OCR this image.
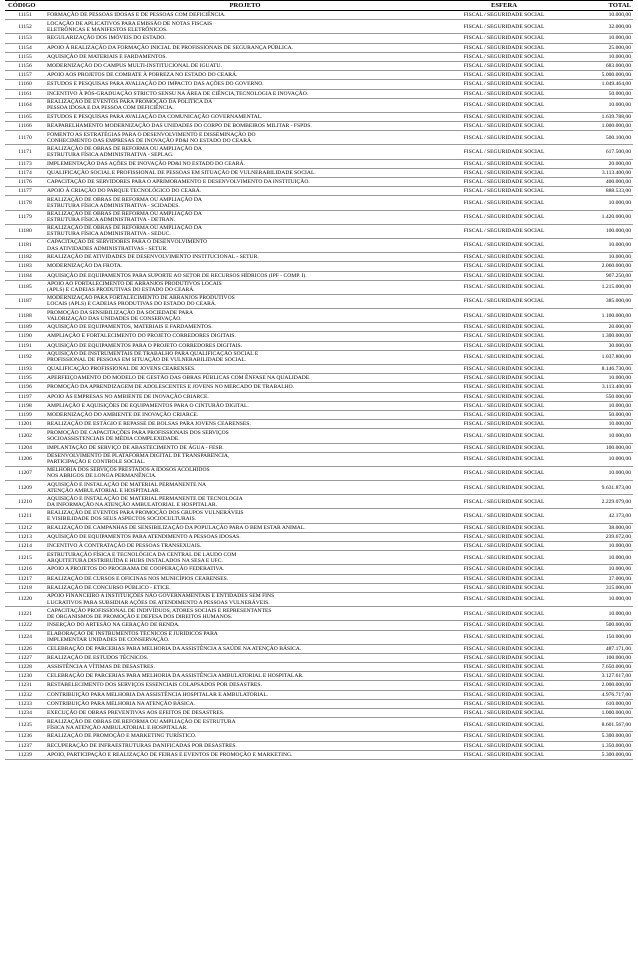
CÓDIGO	PROJETO	ESFERA	TOTAL
11151	FORMAÇÃO DE PESSOAS IDOSAS E DE PESSOAS COM DEFICIÊNCIA.	FISCAL / SEGURIDADE SOCIAL	10.000,00
11152	LOCAÇÃO DE APLICATIVOS PARA EMISSÃO DE NOTAS FISCAIS
ELETRÔNICAS E MANIFESTOS ELETRÔNICOS.	FISCAL / SEGURIDADE SOCIAL	32.000,00
11153	REGULARIZAÇÃO DOS IMÓVEIS DO ESTADO.	FISCAL / SEGURIDADE SOCIAL	10.000,00
11154	APOIO À REALIZAÇÃO DA FORMAÇÃO INICIAL DE PROFISSIONAIS DE SEGURANÇA PÚBLICA.	FISCAL / SEGURIDADE SOCIAL	25.000,00
11155	AQUISIÇÃO DE MATERIAIS E FARDAMENTOS.	FISCAL / SEGURIDADE SOCIAL	10.000,00
11156	MODERNIZAÇÃO DO CAMPUS MULTI-INSTITUCIONAL DE IGUATU.	FISCAL / SEGURIDADE SOCIAL	683.000,00
11157	APOIO AOS PROJETOS DE COMBATE À POBREZA NO ESTADO DO CEARÁ.	FISCAL / SEGURIDADE SOCIAL	5.000.000,00
11160	ESTUDOS E PESQUISAS PARA AVALIAÇÃO DO IMPACTO DAS AÇÕES DO GOVERNO.	FISCAL / SEGURIDADE SOCIAL	1.049.464,00
11161	INCENTIVO À PÓS-GRADUAÇÃO STRICTO SENSU NA ÁREA DE CIÊNCIA,TECNOLOGIA E INOVAÇÃO.	FISCAL / SEGURIDADE SOCIAL	50.000,00
11164	REALIZAÇÃO DE EVENTOS PARA PROMOÇÃO DA POLÍTICA DA
PESSOA IDOSA E DA PESSOA COM DEFICIÊNCIA.	FISCAL / SEGURIDADE SOCIAL	10.000,00
11165	ESTUDOS E PESQUISAS PARA AVALIAÇÃO DA COMUNICAÇÃO GOVERNAMENTAL.	FISCAL / SEGURIDADE SOCIAL	1.639.788,00
11166	REAPARELHAMENTO MODERNIZAÇÃO DAS UNIDADES DO CORPO DE BOMBEIROS MILITAR - FSPDS.	FISCAL / SEGURIDADE SOCIAL	1.000.000,00
11170	FOMENTO AS ESTRATÉGIAS PARA O DESENVOLVIMENTO E DISSEMINAÇÃO DO
CONHECIMENTO DAS EMPRESAS DE INOVAÇÃO PD&I NO ESTADO DO CEARÁ.	FISCAL / SEGURIDADE SOCIAL	500.100,00
11171	REALIZAÇÃO DE OBRAS DE REFORMA OU AMPLIAÇÃO DA
ESTRUTURA FÍSICA ADMINISTRATIVA - SEPLAG.	FISCAL / SEGURIDADE SOCIAL	617.500,00
11173	IMPLEMENTAÇÃO DAS AÇÕES DE INOVAÇÃO PD&I NO ESTADO DO CEARÁ.	FISCAL / SEGURIDADE SOCIAL	20.000,00
11174	QUALIFICAÇÃO SOCIAL E PROFISSIONAL DE PESSOAS EM SITUAÇÃO DE VULNERABILIDADE SOCIAL.	FISCAL / SEGURIDADE SOCIAL	3.113.400,00
11176	CAPACITAÇÃO DE SERVIDORES PARA O APRIMORAMENTO E DESENVOLVIMENTO DA INSTITUIÇÃO.	FISCAL / SEGURIDADE SOCIAL	400.000,00
11177	APOIO À CRIAÇÃO DO PARQUE TECNOLÓGICO DO CEARÁ.	FISCAL / SEGURIDADE SOCIAL	888.533,00
11178	REALIZAÇÃO DE OBRAS DE REFORMA OU AMPLIAÇÃO DA
ESTRUTURA FÍSICA ADMINISTRATIVA - SCIDADES.	FISCAL / SEGURIDADE SOCIAL	10.000,00
11179	REALIZAÇÃO DE OBRAS DE REFORMA OU AMPLIAÇÃO DA
ESTRUTURA FÍSICA ADMINISTRATIVA - DETRAN.	FISCAL / SEGURIDADE SOCIAL	1.420.000,00
11180	REALIZAÇÃO DE OBRAS DE REFORMA OU AMPLIAÇÃO DA
ESTRUTURA FÍSICA ADMINISTRATIVA - SEDUC.	FISCAL / SEGURIDADE SOCIAL	100.000,00
11181	CAPACITAÇÃO DE SERVIDORES PARA O DESENVOLVIMENTO
DAS ATIVIDADES ADMINISTRATIVAS - SETUR.	FISCAL / SEGURIDADE SOCIAL	10.000,00
11182	REALIZAÇÃO DE ATIVIDADES DE DESENVOLVIMENTO INSTITUCIONAL - SETUR.	FISCAL / SEGURIDADE SOCIAL	10.000,00
11183	MODERNIZAÇÃO DA FROTA.	FISCAL / SEGURIDADE SOCIAL	2.060.000,00
11184	AQUISIÇÃO DE EQUIPAMENTOS PARA SUPORTE AO SETOR DE RECURSOS HÍDRICOS (IPF - COMP. I).	FISCAL / SEGURIDADE SOCIAL	907.250,00
11185	APOIO AO FORTALECIMENTO DE ARRANJOS PRODUTIVOS LOCAIS
(APLS) E CADEIAS PRODUTIVAS DO ESTADO DO CEARÁ.	FISCAL / SEGURIDADE SOCIAL	1.215.000,00
11187	MODERNIZAÇÃO PARA FORTALECIMENTO DE ARRANJOS PRODUTIVOS
LOCAIS (APLS) E CADEIAS PRODUTIVAS DO ESTADO DO CEARÁ.	FISCAL / SEGURIDADE SOCIAL	385.000,00
11188	PROMOÇÃO DA SENSIBILIZAÇÃO DA SOCIEDADE PARA
VALORIZAÇÃO DAS UNIDADES DE CONSERVAÇÃO.	FISCAL / SEGURIDADE SOCIAL	1.100.000,00
11189	AQUISIÇÃO DE EQUIPAMENTOS, MATERIAIS E FARDAMENTOS.	FISCAL / SEGURIDADE SOCIAL	20.000,00
11190	AMPLIAÇÃO E FORTALECIMENTO DO PROJETO CORREDORES DIGITAIS.	FISCAL / SEGURIDADE SOCIAL	1.300.000,00
11191	AQUISIÇÃO DE EQUIPAMENTOS PARA O PROJETO CORREDORES DIGITAIS.	FISCAL / SEGURIDADE SOCIAL	30.000,00
11192	AQUISIÇÃO DE INSTRUMENTAIS DE TRABALHO PARA QUALIFICAÇÃO SOCIAL E
PROFISSIONAL DE PESSOAS EM SITUAÇÃO DE VULNERABILIDADE SOCIAL.	FISCAL / SEGURIDADE SOCIAL	1.037.800,00
11193	QUALIFICAÇÃO PROFISSIONAL DE JOVENS CEARENSES.	FISCAL / SEGURIDADE SOCIAL	8.146.730,00
11195	APERFEIÇOAMENTO DO MODELO DE GESTÃO DAS OBRAS PÚBLICAS COM ÊNFASE NA QUALIDADE.	FISCAL / SEGURIDADE SOCIAL	10.000,00
11196	PROMOÇÃO DA APRENDIZAGEM DE ADOLESCENTES E JOVENS NO MERCADO DE TRABALHO.	FISCAL / SEGURIDADE SOCIAL	3.113.400,00
11197	APOIO ÀS EMPRESAS NO AMBIENTE DE INOVAÇÃO CRIARCE.	FISCAL / SEGURIDADE SOCIAL	550.000,00
11198	AMPLIAÇÃO E AQUISIÇÕES DE EQUIPAMENTOS PARA O CINTURÃO DIGITAL.	FISCAL / SEGURIDADE SOCIAL	10.000,00
11199	MODERNIZAÇÃO DO AMBIENTE DE INOVAÇÃO CRIARCE.	FISCAL / SEGURIDADE SOCIAL	50.000,00
11201	REALIZAÇÃO DE ESTÁGIO E REPASSE DE BOLSAS PARA JOVENS CEARENSES.	FISCAL / SEGURIDADE SOCIAL	10.000,00
11202	PROMOÇÃO DE CAPACITAÇÕES PARA PROFISSIONAIS DOS SERVIÇOS
SOCIOASSISTENCIAIS DE MÉDIA COMPLEXIDADE.	FISCAL / SEGURIDADE SOCIAL	10.000,00
11204	IMPLANTAÇÃO DE SERVIÇO DE ABASTECIMENTO DE ÁGUA - FESB.	FISCAL / SEGURIDADE SOCIAL	100.000,00
11206	DESENVOLVIMENTO DE PLATAFORMA DIGITAL DE TRANSPARÊNCIA,
PARTICIPAÇÃO E CONTROLE SOCIAL.	FISCAL / SEGURIDADE SOCIAL	10.000,00
11207	MELHORIA DOS SERVIÇOS PRESTADOS A IDOSOS ACOLHIDOS
NOS ABRIGOS DE LONGA PERMANÊNCIA.	FISCAL / SEGURIDADE SOCIAL	10.000,00
11209	AQUISIÇÃO E INSTALAÇÃO DE MATERIAL PERMANENTE NA
ATENÇÃO AMBULATORIAL E HOSPITALAR.	FISCAL / SEGURIDADE SOCIAL	9.631.873,00
11210	AQUISIÇÃO E INSTALAÇÃO DE MATERIAL PERMANENTE DE TECNOLOGIA
DA INFORMAÇÃO NA ATENÇÃO AMBULATORIAL E HOSPITALAR.	FISCAL / SEGURIDADE SOCIAL	2.229.079,00
11211	REALIZAÇÃO DE EVENTOS PARA PROMOÇÃO DOS GRUPOS VULNERÁVEIS
E VISIBILIDADE DOS SEUS ASPECTOS SOCIOCULTURAIS.	FISCAL / SEGURIDADE SOCIAL	42.173,00
11212	REALIZAÇÃO DE CAMPANHAS DE SENSIBILIZAÇÃO DA POPULAÇÃO PARA O BEM ESTAR ANIMAL.	FISCAL / SEGURIDADE SOCIAL	38.000,00
11213	AQUISIÇÃO DE EQUIPAMENTOS PARA ATENDIMENTO A PESSOAS IDOSAS.	FISCAL / SEGURIDADE SOCIAL	239.672,00
11214	INCENTIVO À CONTRATAÇÃO DE PESSOAS TRANSEXUAIS.	FISCAL / SEGURIDADE SOCIAL	10.000,00
11215	ESTRUTURAÇÃO FÍSICA E TECNOLÓGICA DA CENTRAL DE LAUDO COM
ARQUITETURA DISTRIBUÍDA E HUBS INSTALADOS NA SESA E UFC.	FISCAL / SEGURIDADE SOCIAL	10.000,00
11216	APOIO A PROJETOS DO PROGRAMA DE COOPERAÇÃO FEDERATIVA.	FISCAL / SEGURIDADE SOCIAL	10.000,00
11217	REALIZAÇÃO DE CURSOS E OFICINAS NOS MUNICÍPIOS CEARENSES.	FISCAL / SEGURIDADE SOCIAL	37.000,00
11218	REALIZAÇÃO DE CONCURSO PÚBLICO - ETICE.	FISCAL / SEGURIDADE SOCIAL	315.000,00
11220	APOIO FINANCEIRO A INSTITUIÇÕES NÃO GOVERNAMENTAIS E ENTIDADES SEM FINS
LUCRATIVOS PARA SUBSIDIAR AÇÕES DE ATENDIMENTO A PESSOAS VULNERÁVEIS.	FISCAL / SEGURIDADE SOCIAL	10.000,00
11221	CAPACITAÇÃO PROFISSIONAL DE INDIVÍDUOS, ATORES SOCIAIS E REPRESENTANTES
DE ORGANISMOS DE PROMOÇÃO E DEFESA DOS DIREITOS HUMANOS.	FISCAL / SEGURIDADE SOCIAL	10.000,00
11222	INSERÇÃO DO ARTESÃO NA GERAÇÃO DE RENDA.	FISCAL / SEGURIDADE SOCIAL	500.000,00
11224	ELABORAÇÃO DE INSTRUMENTOS TÉCNICOS E JURÍDICOS PARA
IMPLEMENTAR UNIDADES DE CONSERVAÇÃO.	FISCAL / SEGURIDADE SOCIAL	150.000,00
11226	CELEBRAÇÃO DE PARCERIAS PARA MELHORIA DA ASSISTÊNCIA A SAÚDE NA ATENÇÃO BÁSICA.	FISCAL / SEGURIDADE SOCIAL	487.171,00
11227	REALIZAÇÃO DE ESTUDOS TÉCNICOS.	FISCAL / SEGURIDADE SOCIAL	100.000,00
11228	ASSISTÊNCIA A VÍTIMAS DE DESASTRES.	FISCAL / SEGURIDADE SOCIAL	7.650.000,00
11230	CELEBRAÇÃO DE PARCERIAS PARA MELHORIA DA ASSISTÊNCIA AMBULATORIAL E HOSPITALAR.	FISCAL / SEGURIDADE SOCIAL	3.127.617,00
11231	RESTABELECIMENTO DOS SERVIÇOS ESSENCIAIS COLAPSADOS POR DESASTRES.	FISCAL / SEGURIDADE SOCIAL	2.000.000,00
11232	CONTRIBUIÇÃO PARA MELHORIA DA ASSISTÊNCIA HOSPITALAR E AMBULATORIAL.	FISCAL / SEGURIDADE SOCIAL	4.976.717,00
11233	CONTRIBUIÇÃO PARA MELHORIA NA ATENÇÃO BÁSICA.	FISCAL / SEGURIDADE SOCIAL	610.000,00
11234	EXECUÇÃO DE OBRAS PREVENTIVAS AOS EFEITOS DE DESASTRES.	FISCAL / SEGURIDADE SOCIAL	1.000.000,00
11235	REALIZAÇÃO DE OBRAS DE REFORMA OU AMPLIAÇÃO DE ESTRUTURA
FÍSICA NA ATENÇÃO AMBULATORIAL E HOSPITALAR.	FISCAL / SEGURIDADE SOCIAL	8.601.567,00
11236	REALIZAÇÃO DE PROMOÇÃO E MARKETING TURÍSTICO.	FISCAL / SEGURIDADE SOCIAL	5.300.000,00
11237	RECUPERAÇÃO DE INFRAESTRUTURAS DANIFICADAS POR DESASTRES.	FISCAL / SEGURIDADE SOCIAL	1.350.000,00
11239	APOIO, PARTICIPAÇÃO E REALIZAÇÃO DE FEIRAS E EVENTOS DE PROMOÇÃO E MARKETING.	FISCAL / SEGURIDADE SOCIAL	5.300.000,00
